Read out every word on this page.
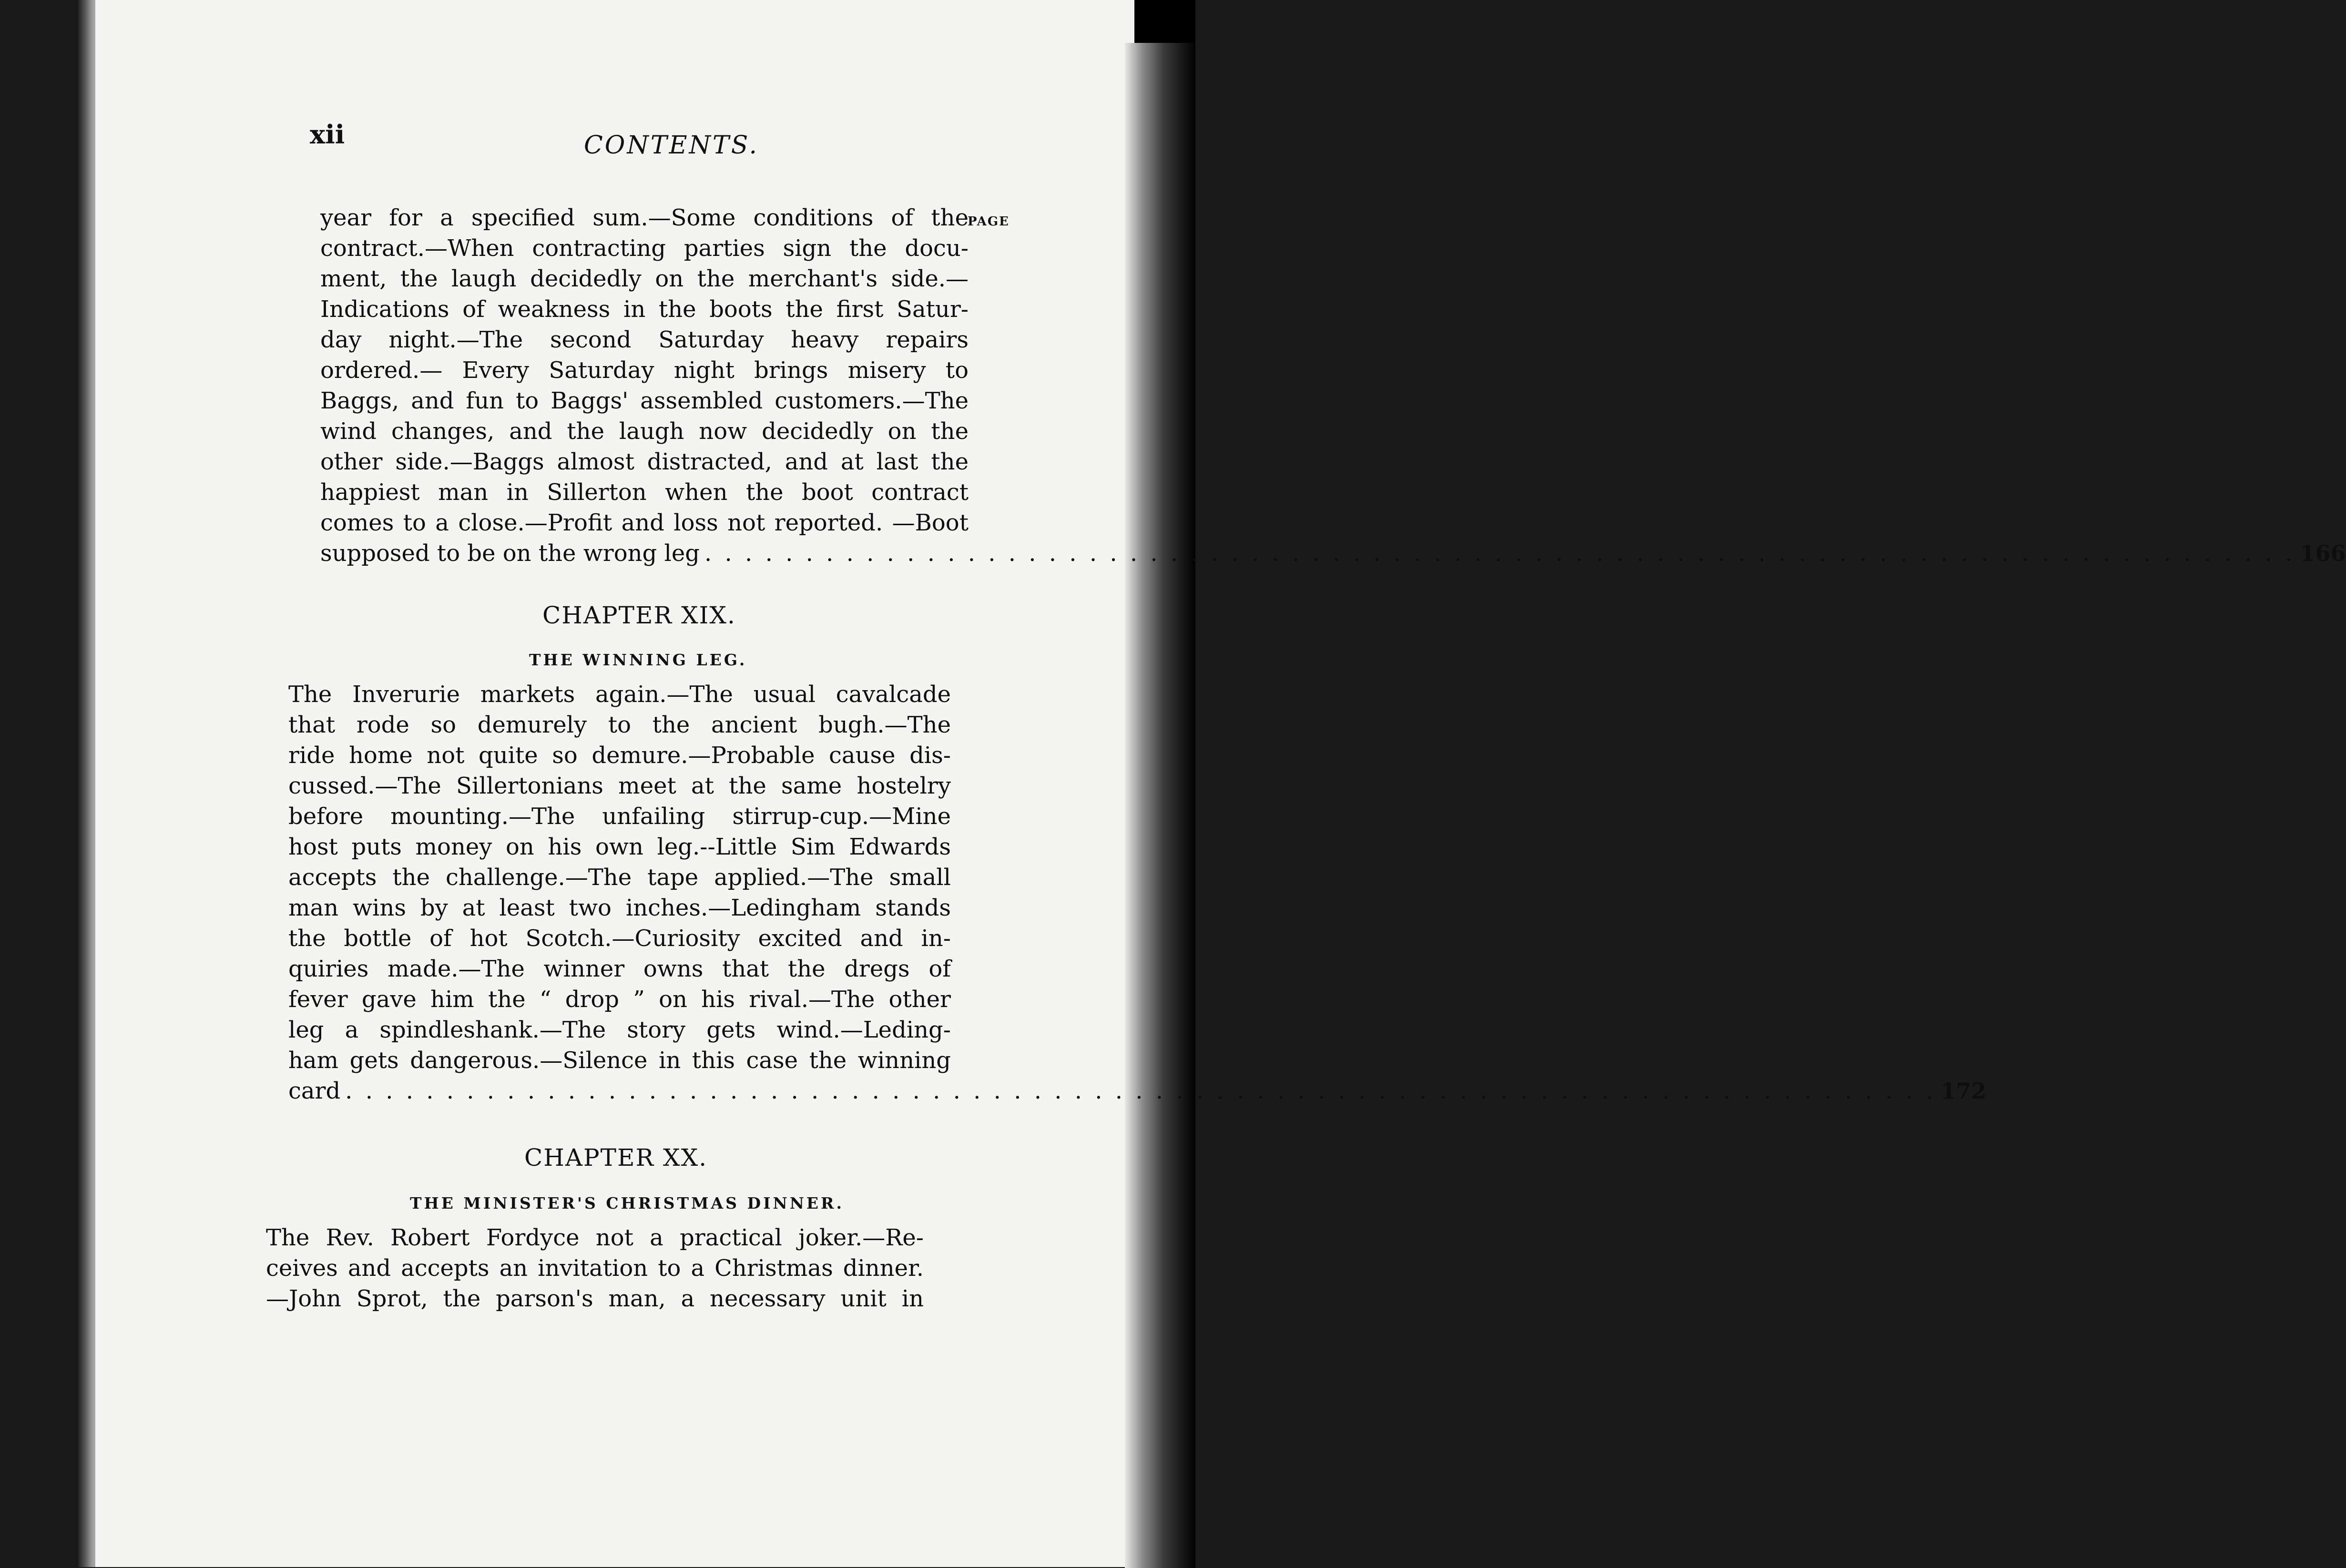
xii	CONTENTS.
PAGE
year for a specified sum.—Some conditions of the
contract.—When contracting parties sign the docu-
ment, the laugh decidedly on the merchant's side.—
Indications of weakness in the boots the first Satur-
day night.—The second Saturday heavy repairs
ordered.— Every Saturday night brings misery to
Baggs, and fun to Baggs' assembled customers.—The
wind changes, and the laugh now decidedly on the
other side.—Baggs almost distracted, and at last the
happiest man in Sillerton when the boot contract
comes to a close.—Profit and loss not reported. —Boot
supposed to be on the wrong leg . . . . . . . . . . . . . . . . . . . . . . . . . . . . . . . . . . . . . . . . . . . . . . . . . . . . . . . . . . . . . . . . . . . . . . . . . . . . . . . 166
CHAPTER XIX.
THE WINNING LEG.
The Inverurie markets again.—The usual cavalcade
that rode so demurely to the ancient bugh.—The
ride home not quite so demure.—Probable cause dis-
cussed.—The Sillertonians meet at the same hostelry
before mounting.—The unfailing stirrup-cup.—Mine
host puts money on his own leg.--Little Sim Edwards
accepts the challenge.—The tape applied.—The small
man wins by at least two inches.—Ledingham stands
the bottle of hot Scotch.—Curiosity excited and in-
quiries made.—The winner owns that the dregs of
fever gave him the “ drop ” on his rival.—The other
leg a spindleshank.—The story gets wind.—Leding-
ham gets dangerous.—Silence in this case the winning
card . . . . . . . . . . . . . . . . . . . . . . . . . . . . . . . . . . . . . . . . . . . . . . . . . . . . . . . . . . . . . . . . . . . . . . . . . . . . . . . 172
CHAPTER XX.
THE MINISTER'S CHRISTMAS DINNER.
The Rev. Robert Fordyce not a practical joker.—Re-
ceives and accepts an invitation to a Christmas dinner.
—John Sprot, the parson's man, a necessary unit in
